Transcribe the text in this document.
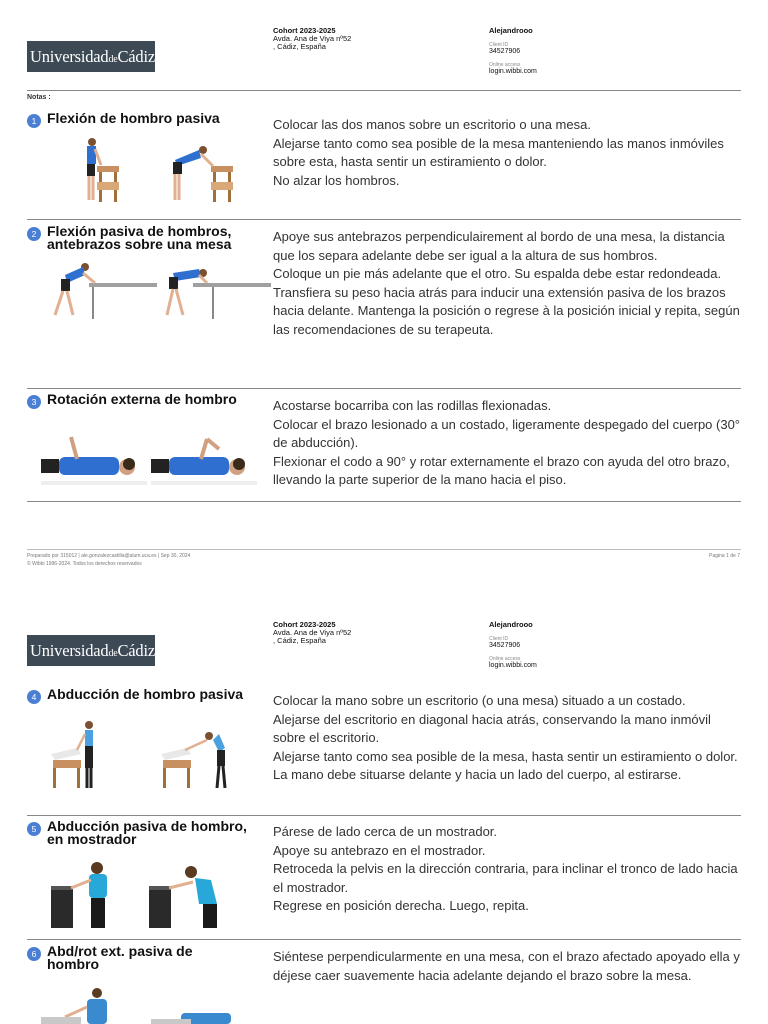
UniversidaddeCádiz
Cohort 2023-2025
Avda. Ana de Viya nº52
, Cádiz, España
Alejandrooo
Client ID
34527906
Online access
login.wibbi.com
Notas :
1 Flexión de hombro pasiva	Colocar las dos manos sobre un escritorio o una mesa.

Alejarse tanto como sea posible de la mesa manteniendo las manos inmóviles sobre esta, hasta sentir un estiramiento o dolor.

No alzar los hombros.

2 Flexión pasiva de hombros, antebrazos sobre una mesa	Apoye sus antebrazos perpendiculairement al bordo de una mesa, la distancia que los separa adelante debe ser igual a la altura de sus hombros.

Coloque un pie más adelante que el otro. Su espalda debe estar redondeada.

Transfiera su peso hacia atrás para inducir una extensión pasiva de los brazos hacia delante. Mantenga la posición o regrese à la posición inicial y repita, según las recomendaciones de su terapeuta.

3 Rotación externa de hombro	Acostarse bocarriba con las rodillas flexionadas.

Colocar el brazo lesionado a un costado, ligeramente despegado del cuerpo (30° de abducción).

Flexionar el codo a 90° y rotar externamente el brazo con ayuda del otro brazo, llevando la parte superior de la mano hacia el piso.

Preparado por 315012 | ale.gonzalezcastilla@alum.uca.es | Sep 30, 2024
© Wibbi 1996-2024. Todos los derechos reservados
Pagina 1 de 7
UniversidaddeCádiz
Cohort 2023-2025
Avda. Ana de Viya nº52
, Cádiz, España
Alejandrooo
Client ID
34527906
Online access
login.wibbi.com
4 Abducción de hombro pasiva	Colocar la mano sobre un escritorio (o una mesa) situado a un costado.

Alejarse del escritorio en diagonal hacia atrás, conservando la mano inmóvil sobre el escritorio.

Alejarse tanto como sea posible de la mesa, hasta sentir un estiramiento o dolor.

La mano debe situarse delante y hacia un lado del cuerpo, al estirarse.

5 Abducción pasiva de hombro, en mostrador	Párese de lado cerca de un mostrador.

Apoye su antebrazo en el mostrador.

Retroceda la pelvis en la dirección contraria, para inclinar el tronco de lado hacia el mostrador.

Regrese en posición derecha. Luego, repita.

6 Abd/rot ext. pasiva de hombro	Siéntese perpendicularmente en una mesa, con el brazo afectado apoyado ella y déjese caer suavemente hacia adelante dejando el brazo sobre la mesa.
